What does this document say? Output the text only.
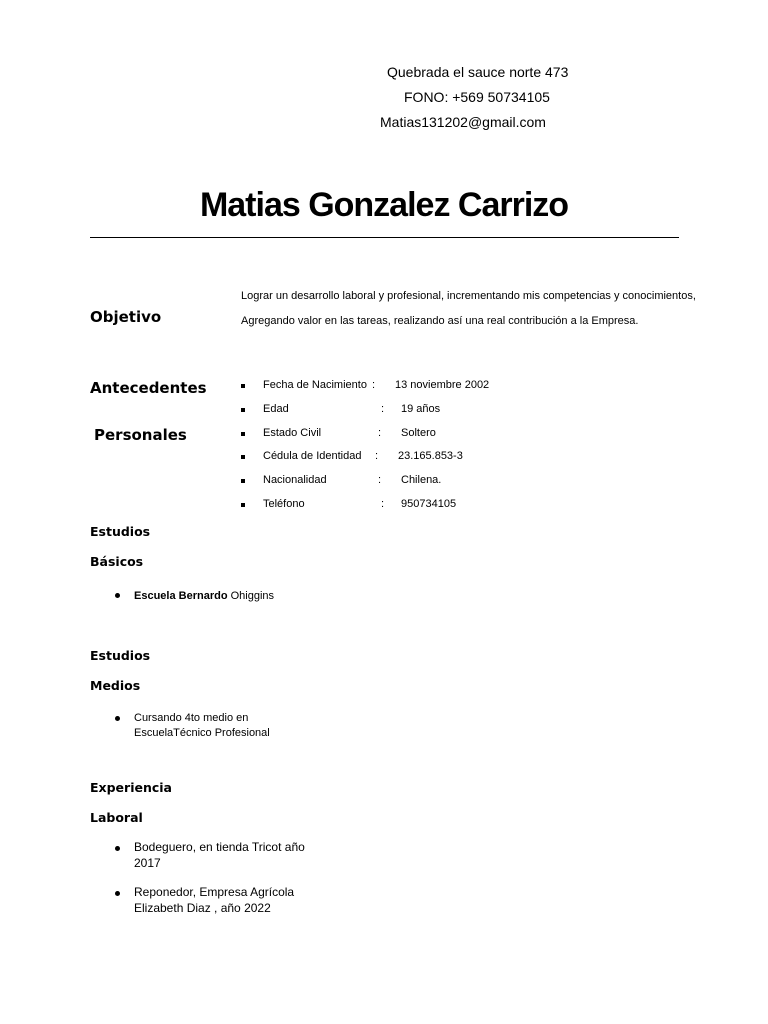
Quebrada el sauce norte 473
FONO: +569 50734105
Matias131202@gmail.com
Matias Gonzalez Carrizo
Objetivo
Lograr un desarrollo laboral y profesional, incrementando mis competencias y conocimientos,
Agregando valor en las tareas, realizando así una real contribución a la Empresa.
Antecedentes
Personales
Fecha de Nacimiento : 13 noviembre 2002
Edad	: 19 años
Estado Civil	: Soltero
Cédula de Identidad : 23.165.853-3
Nacionalidad	: Chilena.
Teléfono	: 950734105
Estudios
Básicos
Escuela Bernardo Ohiggins
Estudios
Medios
Cursando 4to medio en
EscuelaTécnico Profesional
Experiencia
Laboral
Bodeguero, en tienda Tricot año
2017
Reponedor, Empresa Agrícola
Elizabeth Diaz , año 2022
